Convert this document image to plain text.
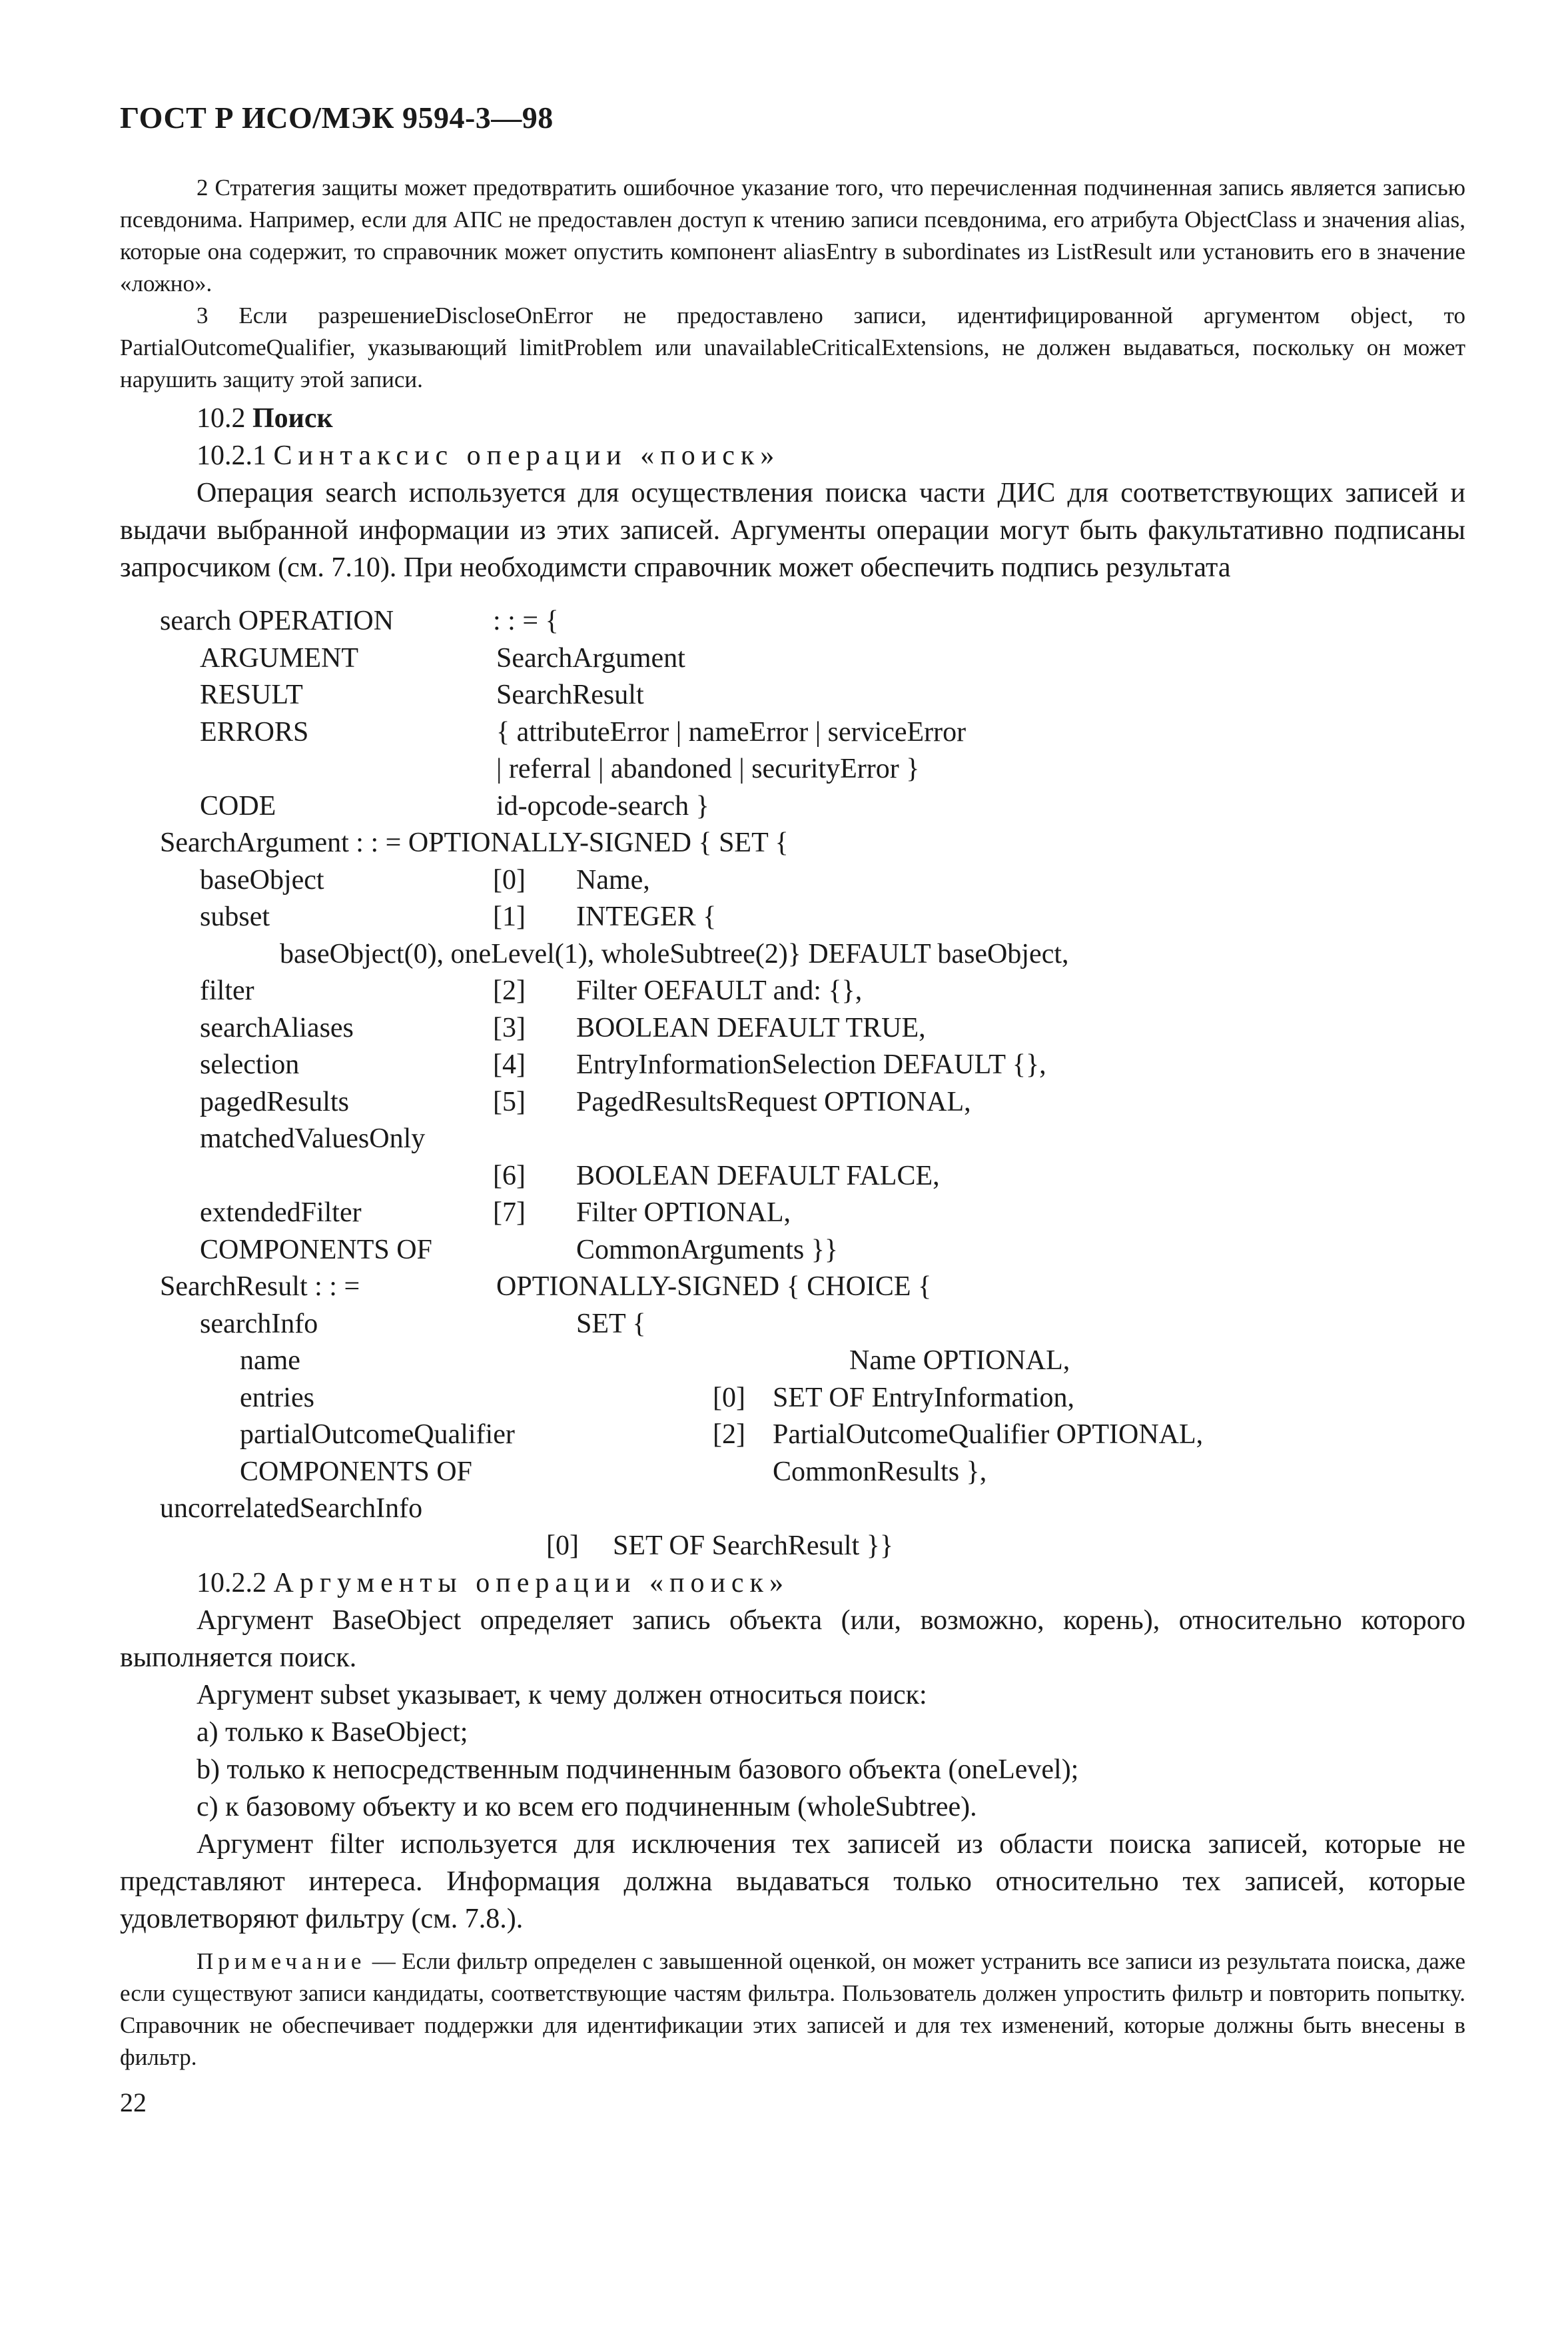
ГОСТ Р ИСО/МЭК 9594-3—98

2 Стратегия защиты может предотвратить ошибочное указание того, что перечисленная подчиненная запись является записью псевдонима. Например, если для АПС не предоставлен доступ к чтению записи псевдонима, его атрибута ObjectClass и значения alias, которые она содержит, то справочник может опустить компонент aliasEntry в subordinates из ListResult или установить его в значение «ложно».

3 Если разрешениеDiscloseOnError не предоставлено записи, идентифицированной аргументом object, то PartialOutcomeQualifier, указывающий limitProblem или unavailableCriticalExtensions, не должен выдаваться, поскольку он может нарушить защиту этой записи.

10.2 Поиск

10.2.1 Синтаксис операции «поиск»

Операция search используется для осуществления поиска части ДИС для соответствующих записей и выдачи выбранной информации из этих записей. Аргументы операции могут быть факультативно подписаны запросчиком (см. 7.10). При необходимсти справочник может обеспечить подпись результата

search OPERATION	: : = {
ARGUMENT	SearchArgument
RESULT	SearchResult
ERRORS	{ attributeError | nameError | serviceError
| referral | abandoned | securityError }
CODE	id-opcode-search }
SearchArgument : : = OPTIONALLY-SIGNED { SET {
baseObject	[0] Name,
subset	[1] INTEGER {
baseObject(0), oneLevel(1), wholeSubtree(2)} DEFAULT baseObject,
filter	[2] Filter OEFAULT and: {},
searchAliases	[3] BOOLEAN DEFAULT TRUE,
selection	[4] EntryInformationSelection DEFAULT {},
pagedResults	[5] PagedResultsRequest OPTIONAL,
matchedValuesOnly
[6] BOOLEAN DEFAULT FALCE,
extendedFilter	[7] Filter OPTIONAL,
COMPONENTS OF	CommonArguments }}
SearchResult : : =	OPTIONALLY-SIGNED { CHOICE {
searchInfo	SET {
name	Name OPTIONAL,
entries	[0] SET OF EntryInformation,
partialOutcomeQualifier	[2] PartialOutcomeQualifier OPTIONAL,
COMPONENTS OF	CommonResults },
uncorrelatedSearchInfo
[0] SET OF SearchResult }}

10.2.2 Аргументы операции «поиск»

Аргумент BaseObject определяет запись объекта (или, возможно, корень), относительно которого выполняется поиск.

Аргумент subset указывает, к чему должен относиться поиск:

a) только к BaseObject;

b) только к непосредственным подчиненным базового объекта (oneLevel);

c) к базовому объекту и ко всем его подчиненным (wholeSubtree).

Аргумент filter используется для исключения тех записей из области поиска записей, которые не представляют интереса. Информация должна выдаваться только относительно тех записей, которые удовлетворяют фильтру (см. 7.8.).

Примечание — Если фильтр определен с завышенной оценкой, он может устранить все записи из результата поиска, даже если существуют записи кандидаты, соответствующие частям фильтра. Пользователь должен упростить фильтр и повторить попытку. Справочник не обеспечивает поддержки для идентификации этих записей и для тех изменений, которые должны быть внесены в фильтр.

22
